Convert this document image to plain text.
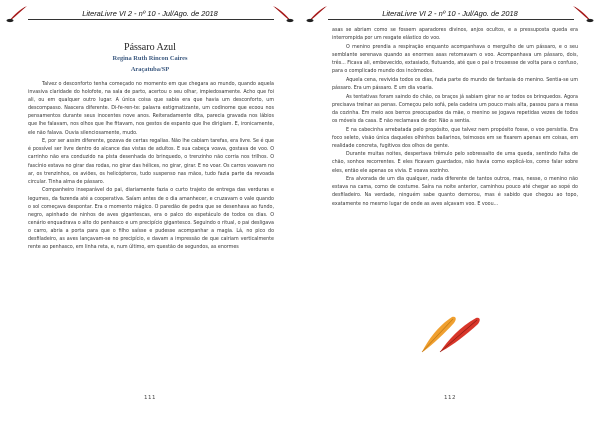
LiteraLivre VI 2 - nº 10 - Jul/Ago. de 2018
Pássaro Azul
Regina Ruth Rincon Caires
Araçatuba/SP

Talvez o desconforto tenha começado no momento em que chegara ao mundo, quando aquela invasiva claridade do holofote, na sala de parto, acertou o seu olhar, impiedosamente. Acho que foi ali, ou em qualquer outro lugar. A única coisa que sabia era que havia um desconforto, um descompasso. Nascera diferente. Di-fe-ren-te: palavra estigmatizante, um codinome que ecoou nos pensamentos durante seus inocentes nove anos. Reiteradamente dita, parecia gravada nos lábios que lhe falavam, nos olhos que lhe fitavam, nos gestos de espanto que lhe dirigiam. E, ironicamente, ele não falava. Ouvia silenciosamente, mudo.

E, por ser assim diferente, gozava de certas regalias. Não lhe cabiam tarefas, era livre. Se é que é possível ser livre dentro do alcance das vistas de adultos. E sua cabeça voava, gostava de voo. O carrinho não era conduzido na pista desenhada do brinquedo, o trenzinho não corria nos trilhos. O fascínio estava no girar das rodas, no girar das hélices, no girar, girar. E no voar. Os carros voavam no ar, os trenzinhos, os aviões, os helicópteros, tudo suspenso nas mãos, tudo fazia parte da revoada circular. Tinha alma de pássaro.

Companheiro inseparável do pai, diariamente fazia o curto trajeto de entrega das verduras e legumes, da fazenda até a cooperativa. Saíam antes de o dia amanhecer, e cruzavam o vale quando o sol começava despontar. Era o momento mágico. O paredão de pedra que se desenhava ao fundo, negro, apinhado de ninhos de aves gigantescas, era o palco do espetáculo de todos os dias. O cenário enquadrava o alto do penhasco e um precipício gigantesco. Seguindo o ritual, o pai desligava o carro, abria a porta para que o filho saísse e pudesse acompanhar a magia. Lá, no pico do desfiladeiro, as aves lançavam-se no precipício, e davam a impressão de que cairiam verticalmente rente ao penhasco, em linha reta, e, num último, em questão de segundos, as enormes

111
LiteraLivre VI 2 - nº 10 - Jul/Ago. de 2018

asas se abriam como se fossem aparadores divinos, anjos ocultos, e a pressuposta queda era interrompida por um resgate elástico do voo.

O menino prendia a respiração enquanto acompanhava o mergulho de um pássaro, e o seu semblante serenava quando as enormes asas retomavam o voo. Acompanhava um pássaro, dois, três... Ficava ali, embevecido, extasiado, flutuando, até que o pai o trouxesse de volta para o confuso, para o complicado mundo dos incômodos.

Aquela cena, revivida todos os dias, fazia parte do mundo de fantasia do menino. Sentia-se um pássaro. Era um pássaro. E um dia voaria.

As tentativas foram saindo do chão, os braços já sabiam girar no ar todos os brinquedos. Agora precisava treinar as penas. Começou pelo sofá, pela cadeira um pouco mais alta, passou para a mesa da cozinha. Em meio aos berros preocupados da mãe, o menino se jogava repetidas vezes de todos os móveis da casa. E não reclamava de dor. Não a sentia.

E na cabecinha arrebatada pelo propósito, que talvez nem propósito fosse, o voo persistia. Era foco seleto, visão única daqueles olhinhos bailarinos, teimosos em se fixarem apenas em coisas, em realidade concreta, fugitivos dos olhos de gente.

Durante muitas noites, despertava trêmulo pelo sobressalto de uma queda, sentindo falta de chão, sonhos recorrentes. E eles ficavam guardados, não havia como explicá-los, como falar sobre eles, então ele apenas os vivia. E voava sozinho.

Era alvorada de um dia qualquer, nada diferente de tantos outros, mas, nesse, o menino não estava na cama, como de costume. Saíra na noite anterior, caminhou pouco até chegar ao sopé do desfiladeiro. Na verdade, ninguém sabe quanto demorou, mas é sabido que chegou ao topo, exatamente no mesmo lugar de onde as aves alçavam voo. E voou...

112
